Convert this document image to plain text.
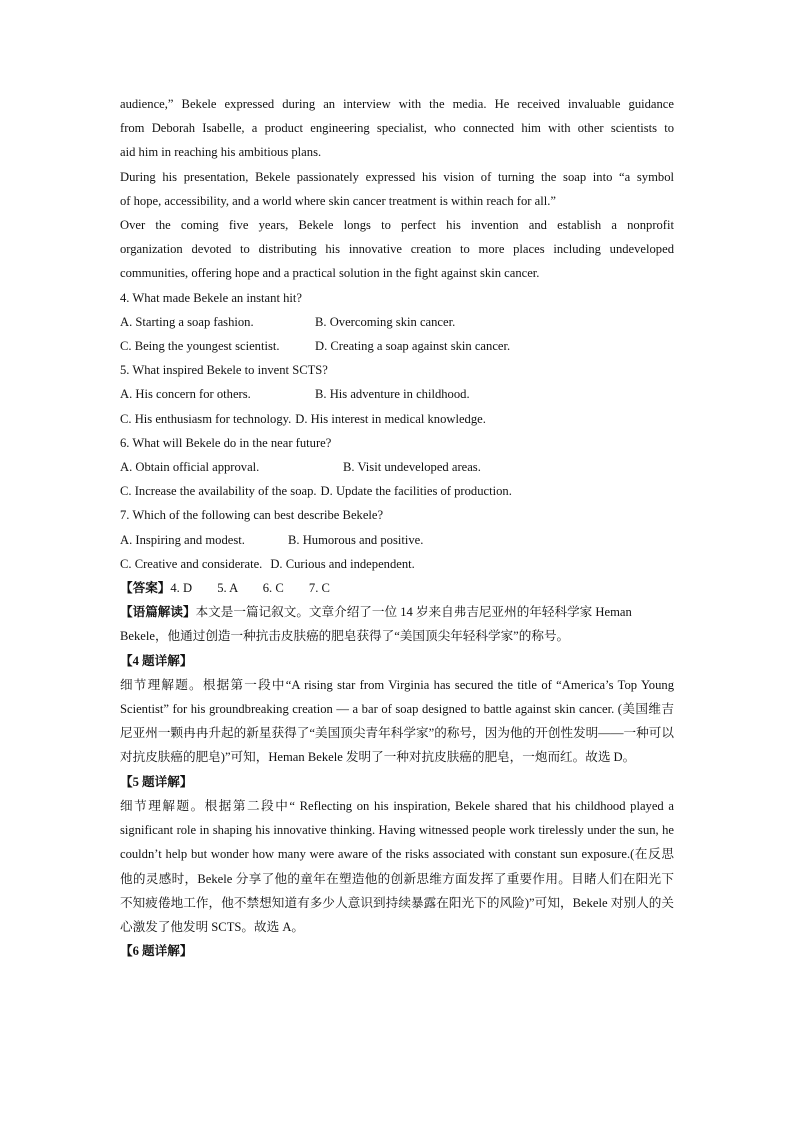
audience,” Bekele expressed during an interview with the media. He received invaluable guidance
from Deborah Isabelle, a product engineering specialist, who connected him with other scientists to
aid him in reaching his ambitious plans.
During his presentation, Bekele passionately expressed his vision of turning the soap into “a symbol
of hope, accessibility, and a world where skin cancer treatment is within reach for all.”
Over the coming five years, Bekele longs to perfect his invention and establish a nonprofit
organization devoted to distributing his innovative creation to more places including undeveloped
communities, offering hope and a practical solution in the fight against skin cancer.
4. What made Bekele an instant hit?
A. Starting a soap fashion.	B. Overcoming skin cancer.
C. Being the youngest scientist.	D. Creating a soap against skin cancer.
5. What inspired Bekele to invent SCTS?
A. His concern for others.	B. His adventure in childhood.
C. His enthusiasm for technology. D. His interest in medical knowledge.
6. What will Bekele do in the near future?
A. Obtain official approval.	B. Visit undeveloped areas.
C. Increase the availability of the soap. D. Update the facilities of production.
7. Which of the following can best describe Bekele?
A. Inspiring and modest.	B. Humorous and positive.
C. Creative and considerate. D. Curious and independent.
【答案】4. D　　5. A　　6. C　　7. C
【语篇解读】本文是一篇记叙文。文章介绍了一位 14 岁来自弗吉尼亚州的年轻科学家 Heman Bekele，他通过创造一种抗击皮肤癌的肥皂获得了“美国顶尖年轻科学家”的称号。
【4 题详解】
细节理解题。根据第一段中“A rising star from Virginia has secured the title of “America’s Top Young Scientist” for his groundbreaking creation — a bar of soap designed to battle against skin cancer. (美国维吉尼亚州一颗冉冉升起的新星获得了“美国顶尖青年科学家”的称号，因为他的开创性发明——一种可以对抗皮肤癌的肥皂)”可知，Heman Bekele 发明了一种对抗皮肤癌的肥皂，一炮而红。故选 D。
【5 题详解】
细节理解题。根据第二段中“ Reflecting on his inspiration, Bekele shared that his childhood played a significant role in shaping his innovative thinking. Having witnessed people work tirelessly under the sun, he couldn’t help but wonder how many were aware of the risks associated with constant sun exposure.(在反思他的灵感时，Bekele 分享了他的童年在塑造他的创新思维方面发挥了重要作用。目睹人们在阳光下不知疲倦地工作，他不禁想知道有多少人意识到持续暴露在阳光下的风险)”可知，Bekele 对别人的关心激发了他发明 SCTS。故选 A。
【6 题详解】
